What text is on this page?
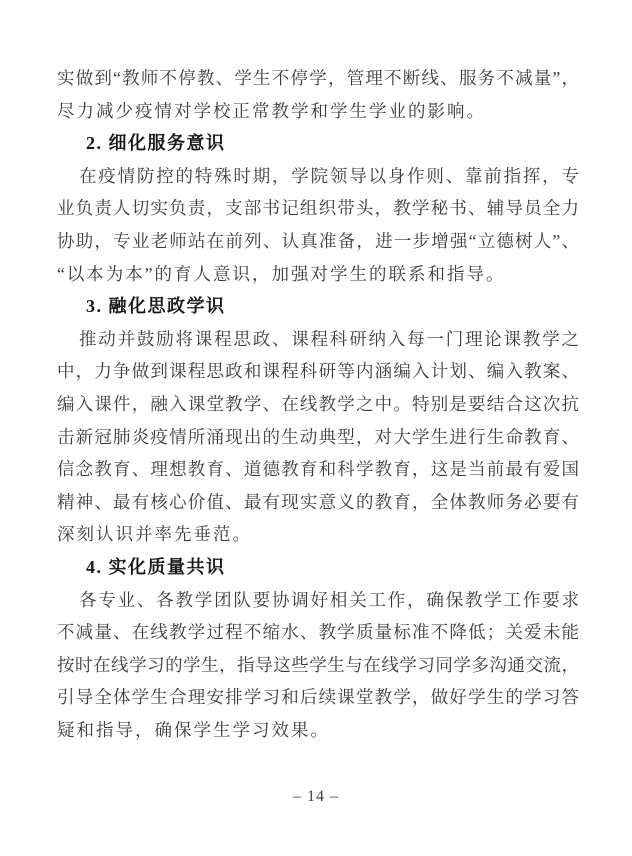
实做到“教师不停教、学生不停学，管理不断线、服务不减量”，
尽力减少疫情对学校正常教学和学生学业的影响。
2. 细化服务意识
在疫情防控的特殊时期，学院领导以身作则、靠前指挥，专
业负责人切实负责，支部书记组织带头，教学秘书、辅导员全力
协助，专业老师站在前列、认真准备，进一步增强“立德树人”、
“以本为本”的育人意识，加强对学生的联系和指导。
3. 融化思政学识
推动并鼓励将课程思政、课程科研纳入每一门理论课教学之
中，力争做到课程思政和课程科研等内涵编入计划、编入教案、
编入课件，融入课堂教学、在线教学之中。特别是要结合这次抗
击新冠肺炎疫情所涌现出的生动典型，对大学生进行生命教育、
信念教育、理想教育、道德教育和科学教育，这是当前最有爱国
精神、最有核心价值、最有现实意义的教育，全体教师务必要有
深刻认识并率先垂范。
4. 实化质量共识
各专业、各教学团队要协调好相关工作，确保教学工作要求
不减量、在线教学过程不缩水、教学质量标准不降低；关爱未能
按时在线学习的学生，指导这些学生与在线学习同学多沟通交流，
引导全体学生合理安排学习和后续课堂教学，做好学生的学习答
疑和指导，确保学生学习效果。
– 14 –
